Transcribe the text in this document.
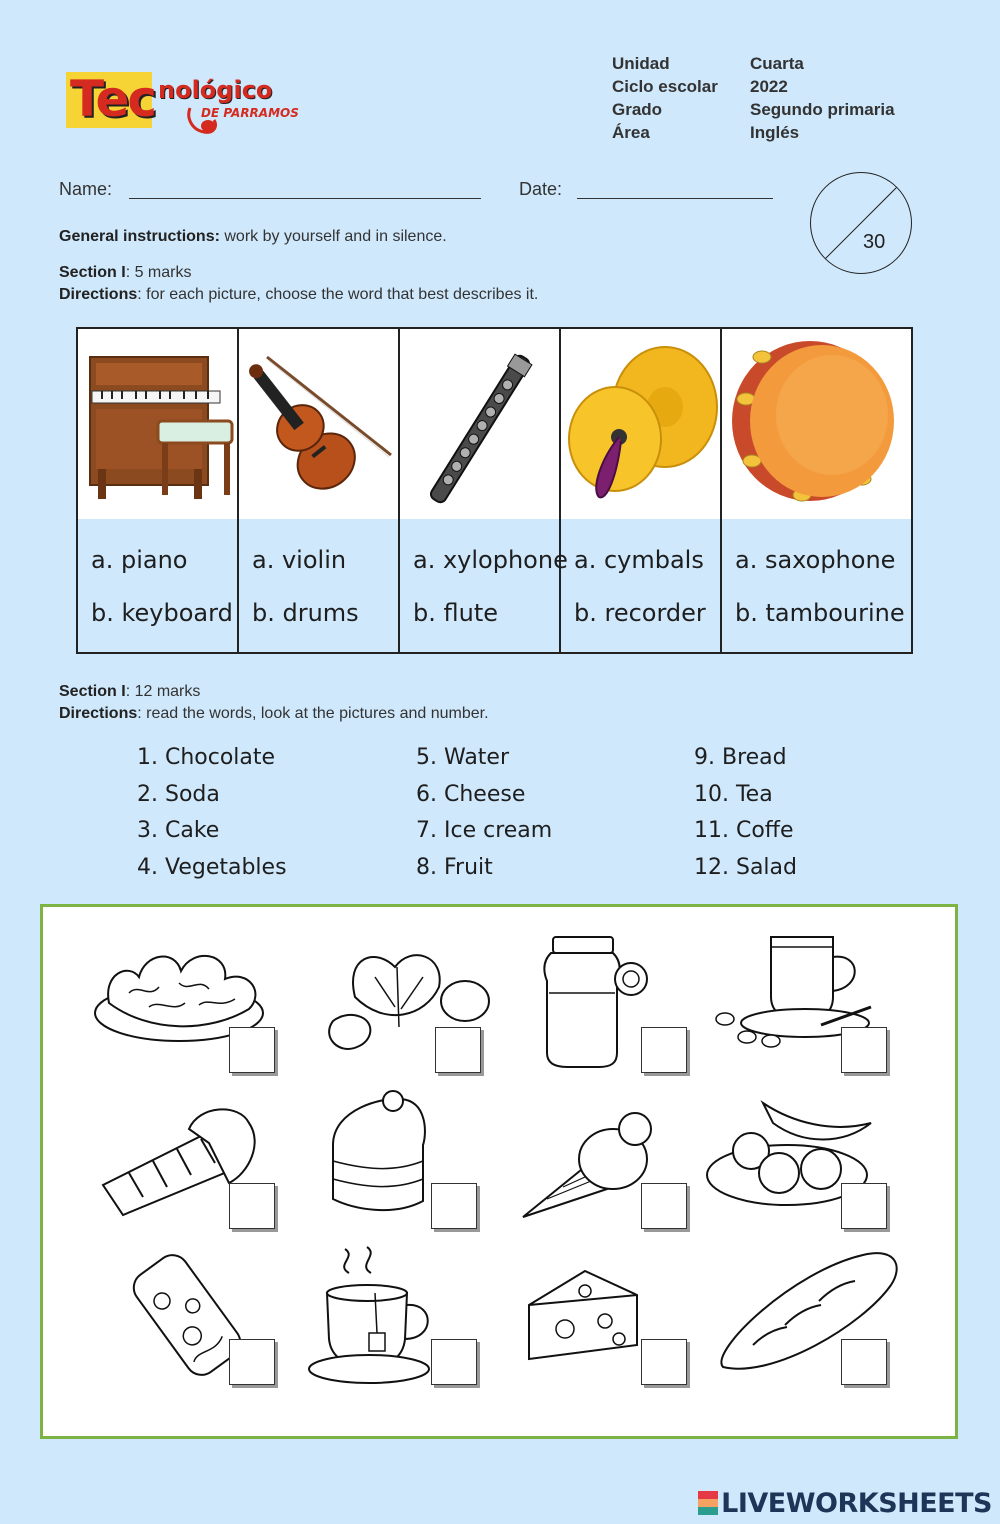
Tec nológico
DE PARRAMOS
Unidad	Cuarta
Ciclo escolar	2022
Grado	Segundo primaria
Área	Inglés
Name:	Date:
30
General instructions: work by yourself and in silence.
Section I: 5 marks
Directions: for each picture, choose the word that best describes it.
a. piano
b. keyboard
a. violin
b. drums
a. xylophone
b. flute
a. cymbals
b. recorder
a. saxophone
b. tambourine
Section I: 12 marks
Directions: read the words, look at the pictures and number.
1. Chocolate
2. Soda
3. Cake
4. Vegetables
5. Water
6. Cheese
7. Ice cream
8. Fruit
9. Bread
10. Tea
11. Coffe
12. Salad
LIVEWORKSHEETS
